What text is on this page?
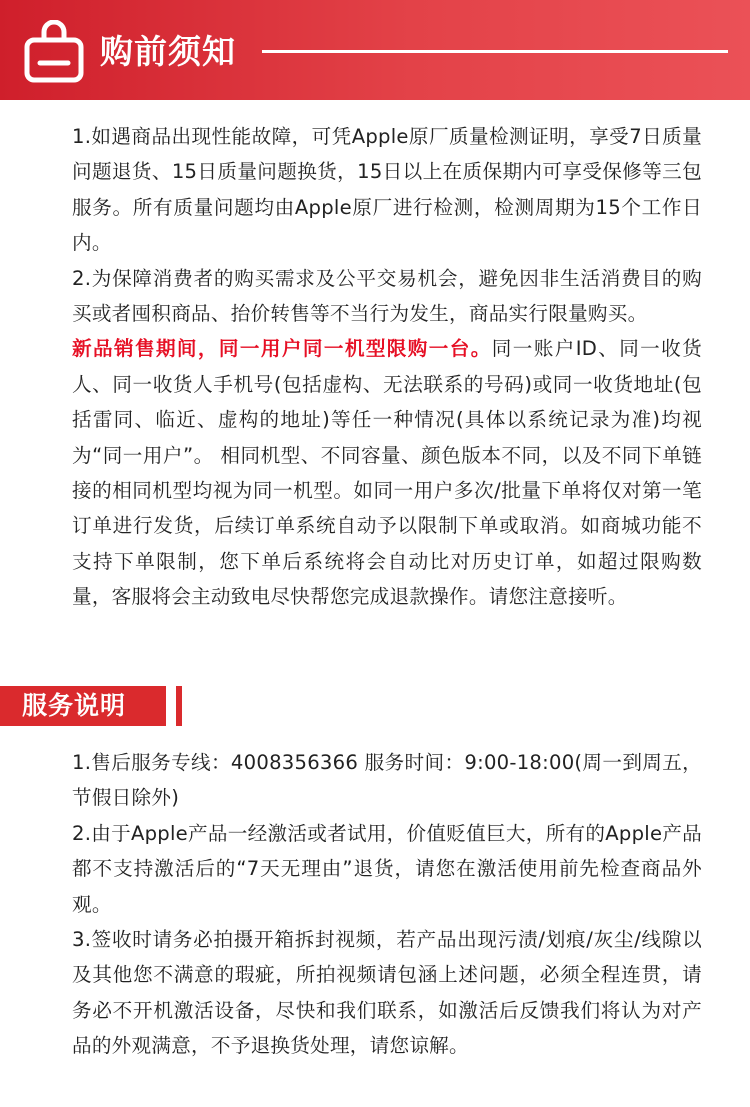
购前须知

1.如遇商品出现性能故障，可凭Apple原厂质量检测证明，享受7日质量问题退货、15日质量问题换货，15日以上在质保期内可享受保修等三包服务。所有质量问题均由Apple原厂进行检测，检测周期为15个工作日内。

2.为保障消费者的购买需求及公平交易机会，避免因非生活消费目的购买或者囤积商品、抬价转售等不当行为发生，商品实行限量购买。

新品销售期间，同一用户同一机型限购一台。同一账户ID、同一收货人、同一收货人手机号(包括虚构、无法联系的号码)或同一收货地址(包括雷同、临近、虚构的地址)等任一种情况(具体以系统记录为准)均视为“同一用户”。 相同机型、不同容量、颜色版本不同，以及不同下单链接的相同机型均视为同一机型。如同一用户多次/批量下单将仅对第一笔订单进行发货，后续订单系统自动予以限制下单或取消。如商城功能不支持下单限制，您下单后系统将会自动比对历史订单，如超过限购数量，客服将会主动致电尽快帮您完成退款操作。请您注意接听。

服务说明

1.售后服务专线：4008356366 服务时间：9:00-18:00(周一到周五，节假日除外)

2.由于Apple产品一经激活或者试用，价值贬值巨大，所有的Apple产品都不支持激活后的“7天无理由”退货，请您在激活使用前先检查商品外观。

3.签收时请务必拍摄开箱拆封视频，若产品出现污渍/划痕/灰尘/线隙以及其他您不满意的瑕疵，所拍视频请包涵上述问题，必须全程连贯，请务必不开机激活设备，尽快和我们联系，如激活后反馈我们将认为对产品的外观满意，不予退换货处理，请您谅解。
